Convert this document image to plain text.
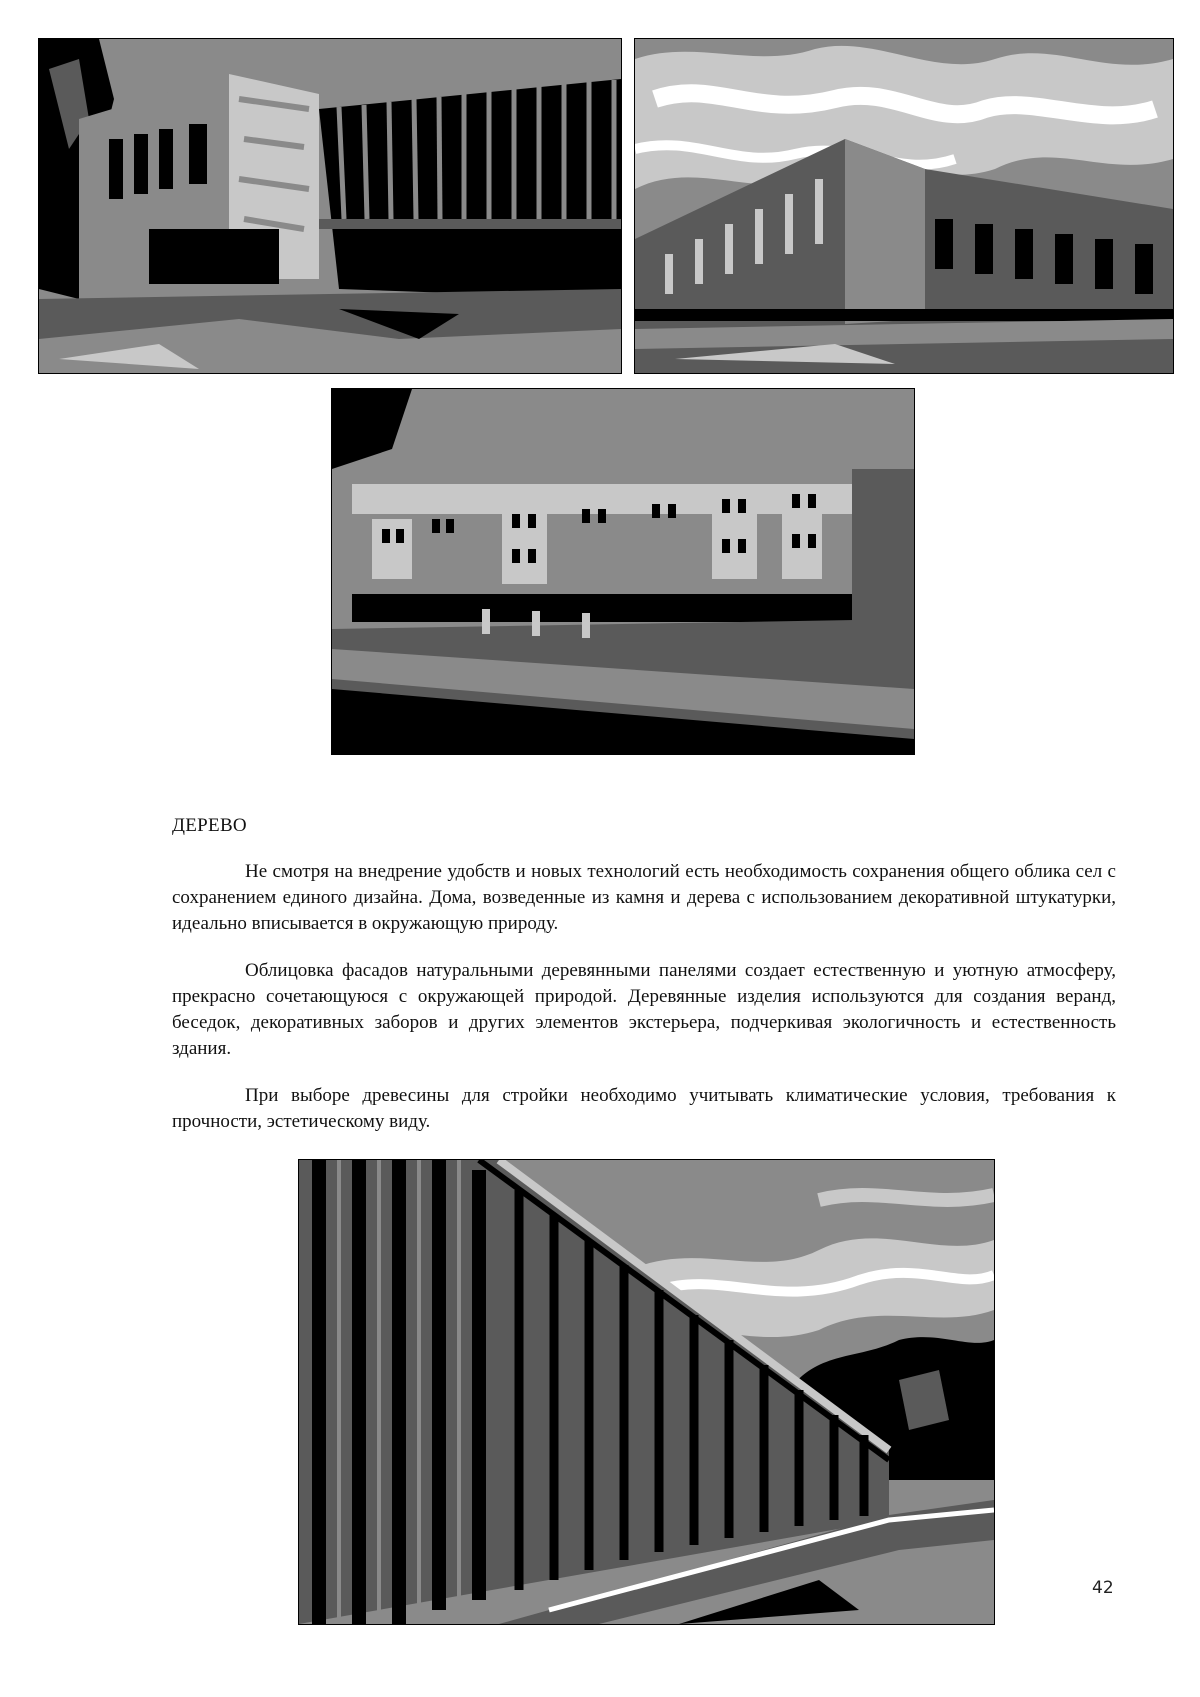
ДЕРЕВО

Не смотря на внедрение удобств и новых технологий есть необходимость сохранения общего облика сел с сохранением единого дизайна. Дома, возведенные из камня и дерева с использованием декоративной штукатурки, идеально вписывается в окружающую природу.

Облицовка фасадов натуральными деревянными панелями создает естественную и уютную атмосферу, прекрасно сочетающуюся с окружающей природой. Деревянные изделия используются для создания веранд, беседок, декоративных заборов и других элементов экстерьера, подчеркивая экологичность и естественность здания.

При выборе древесины для стройки необходимо учитывать климатические условия, требования к прочности, эстетическому виду.

42
